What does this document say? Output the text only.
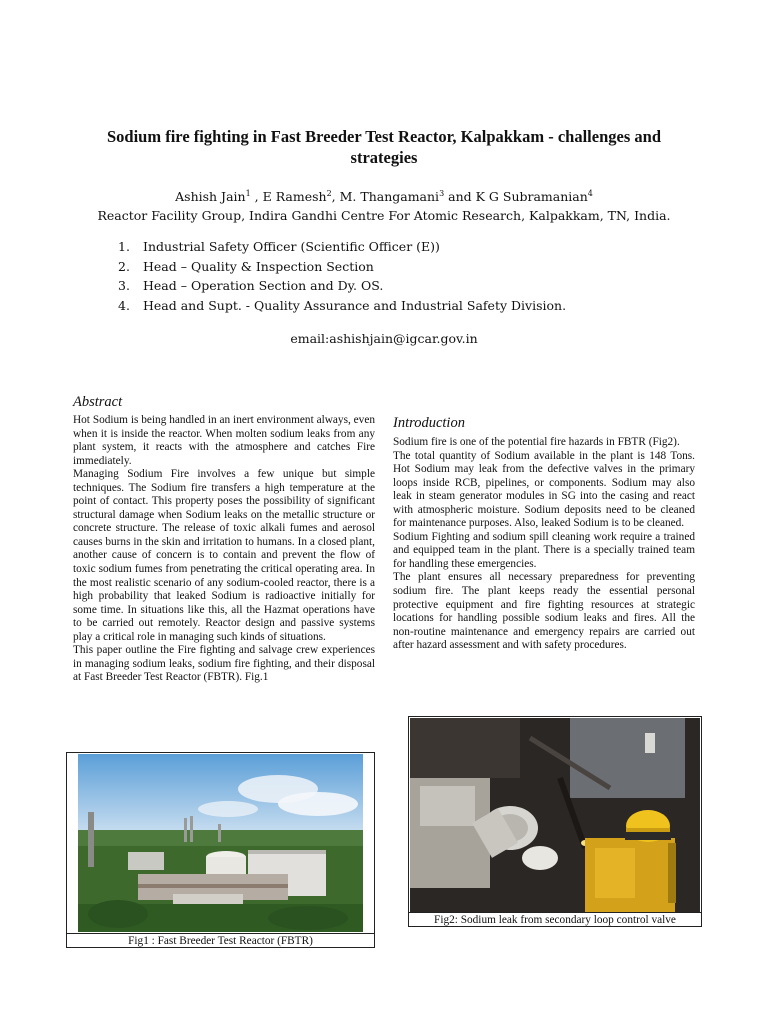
Sodium fire fighting in Fast Breeder Test Reactor, Kalpakkam - challenges and
strategies
Ashish Jain$^1$ , E Ramesh$^2$, M. Thangamani$^3$ and K G Subramanian$^4$
Reactor Facility Group, Indira Gandhi Centre For Atomic Research, Kalpakkam, TN, India.
1. Industrial Safety Officer (Scientific Officer (E))
2. Head – Quality & Inspection Section
3. Head – Operation Section and Dy. OS.
4. Head and Supt. - Quality Assurance and Industrial Safety Division.
email:ashishjain@igcar.gov.in
Abstract

Hot Sodium is being handled in an inert environment always, even when it is inside the reactor. When molten sodium leaks from any plant system, it reacts with the atmosphere and catches Fire immediately.

Managing Sodium Fire involves a few unique but simple techniques. The Sodium fire transfers a high temperature at the point of contact. This property poses the possibility of significant structural damage when Sodium leaks on the metallic structure or concrete structure. The release of toxic alkali fumes and aerosol causes burns in the skin and irritation to humans. In a closed plant, another cause of concern is to contain and prevent the flow of toxic sodium fumes from penetrating the critical operating area. In the most realistic scenario of any sodium-cooled reactor, there is a high probability that leaked Sodium is radioactive initially for some time. In situations like this, all the Hazmat operations have to be carried out remotely. Reactor design and passive systems play a critical role in managing such kinds of situations.

This paper outline the Fire fighting and salvage crew experiences in managing sodium leaks, sodium fire fighting, and their disposal at Fast Breeder Test Reactor (FBTR). Fig.1

Introduction

Sodium fire is one of the potential fire hazards in FBTR (Fig2).

The total quantity of Sodium available in the plant is 148 Tons. Hot Sodium may leak from the defective valves in the primary loops inside RCB, pipelines, or components. Sodium may also leak in steam generator modules in SG into the casing and react with atmospheric moisture. Sodium deposits need to be cleaned for maintenance purposes. Also, leaked Sodium is to be cleaned.

Sodium Fighting and sodium spill cleaning work require a trained and equipped team in the plant. There is a specially trained team for handling these emergencies.

The plant ensures all necessary preparedness for preventing sodium fire. The plant keeps ready the essential personal protective equipment and fire fighting resources at strategic locations for handling possible sodium leaks and fires. All the non-routine maintenance and emergency repairs are carried out after hazard assessment and with safety procedures.

Fig1 : Fast Breeder Test Reactor (FBTR)
Fig2: Sodium leak from secondary loop control valve
